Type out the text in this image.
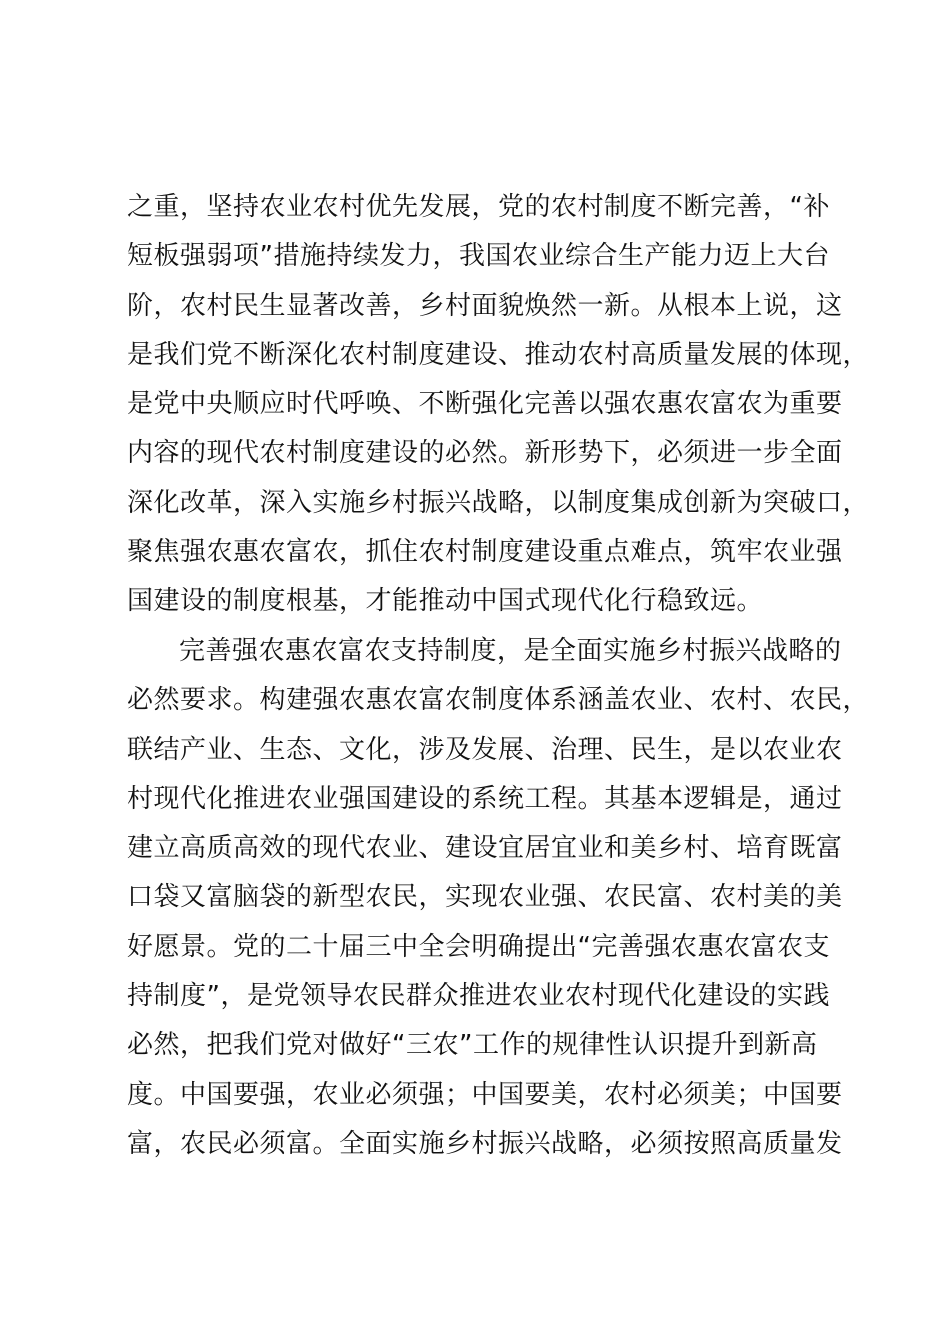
之重，坚持农业农村优先发展，党的农村制度不断完善，“补
短板强弱项”措施持续发力，我国农业综合生产能力迈上大台
阶，农村民生显著改善，乡村面貌焕然一新。从根本上说，这
是我们党不断深化农村制度建设、推动农村高质量发展的体现，
是党中央顺应时代呼唤、不断强化完善以强农惠农富农为重要
内容的现代农村制度建设的必然。新形势下，必须进一步全面
深化改革，深入实施乡村振兴战略，以制度集成创新为突破口，
聚焦强农惠农富农，抓住农村制度建设重点难点，筑牢农业强
国建设的制度根基，才能推动中国式现代化行稳致远。
完善强农惠农富农支持制度，是全面实施乡村振兴战略的
必然要求。构建强农惠农富农制度体系涵盖农业、农村、农民，
联结产业、生态、文化，涉及发展、治理、民生，是以农业农
村现代化推进农业强国建设的系统工程。其基本逻辑是，通过
建立高质高效的现代农业、建设宜居宜业和美乡村、培育既富
口袋又富脑袋的新型农民，实现农业强、农民富、农村美的美
好愿景。党的二十届三中全会明确提出“完善强农惠农富农支
持制度”，是党领导农民群众推进农业农村现代化建设的实践
必然，把我们党对做好“三农”工作的规律性认识提升到新高
度。中国要强，农业必须强；中国要美，农村必须美；中国要
富，农民必须富。全面实施乡村振兴战略，必须按照高质量发
